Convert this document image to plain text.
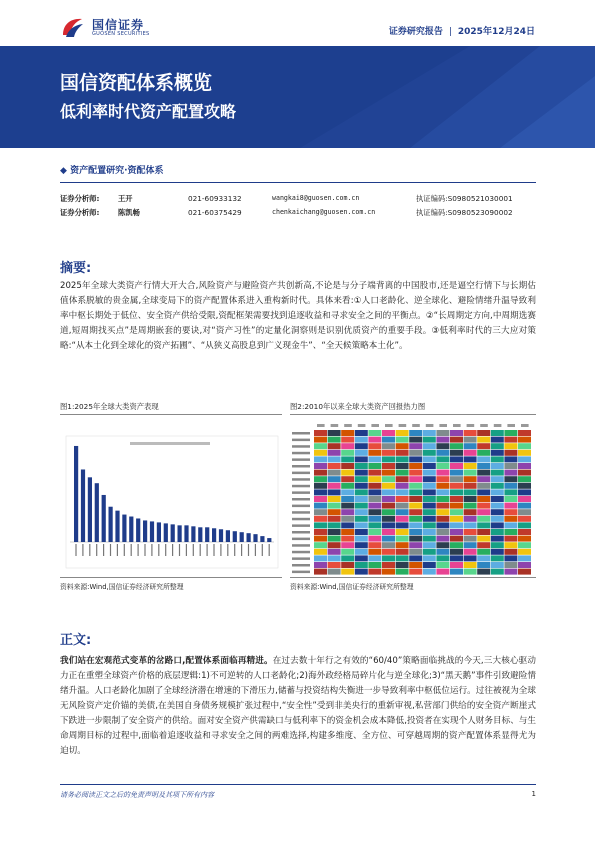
国信证券
GUOSEN SECURITIES	证券研究报告 | 2025年12月24日
国信资配体系概览
低利率时代资产配置攻略
◆ 资产配置研究·资配体系
证券分析师:	王开	021-60933132	wangkai8@guosen.com.cn	执证编码:S0980521030001
证券分析师:	陈凯畅	021-60375429	chenkaichang@guosen.com.cn	执证编码:S0980523090002
摘要:
2025年全球大类资产行情大开大合,风险资产与避险资产共创新高,不论是与分子端背离的中国股市,还是逼空行情下与长期估值体系脱敏的贵金属,全球变局下的资产配置体系进入重构新时代。具体来看:①人口老龄化、逆全球化、避险情绪升温导致利率中枢长期处于低位、安全资产供给受限,资配框架需要找到追逐收益和寻求安全之间的平衡点。②“长周期定方向,中周期选赛道,短周期找买点”是周期嵌套的要诀,对“资产习性”的定量化洞察则是识别优质资产的重要手段。③低利率时代的三大应对策略:“从本土化到全球化的资产拓圃”、“从狭义高股息到广义现金牛”、“全天候策略本土化”。
图1:2025年全球大类资产表现
资料来源:Wind,国信证券经济研究所整理
图2:2010年以来全球大类资产回报热力图
资料来源:Wind,国信证券经济研究所整理
正文:
我们站在宏观范式变革的岔路口,配置体系面临再精进。在过去数十年行之有效的“60/40”策略面临挑战的今天,三大核心驱动力正在重塑全球资产价格的底层逻辑:1)不可逆转的人口老龄化;2)海外政经格局碎片化与逆全球化;3)“黑天鹅”事件引致避险情绪升温。人口老龄化加剧了全球经济潜在增速的下滑压力,储蓄与投资结构失衡进一步导致利率中枢低位运行。过往被视为全球无风险资产定价锚的美债,在美国自身债务规模扩张过程中,“安全性”受到非美央行的重新审视,私营部门供给的安全资产断崖式下跌进一步限制了安全资产的供给。面对安全资产供需缺口与低利率下的资金机会成本降低,投资者在实现个人财务目标、与生命周期目标的过程中,面临着追逐收益和寻求安全之间的两难选择,构建多维度、全方位、可穿越周期的资产配置体系显得尤为迫切。
请务必阅读正文之后的免责声明及其项下所有内容	1
